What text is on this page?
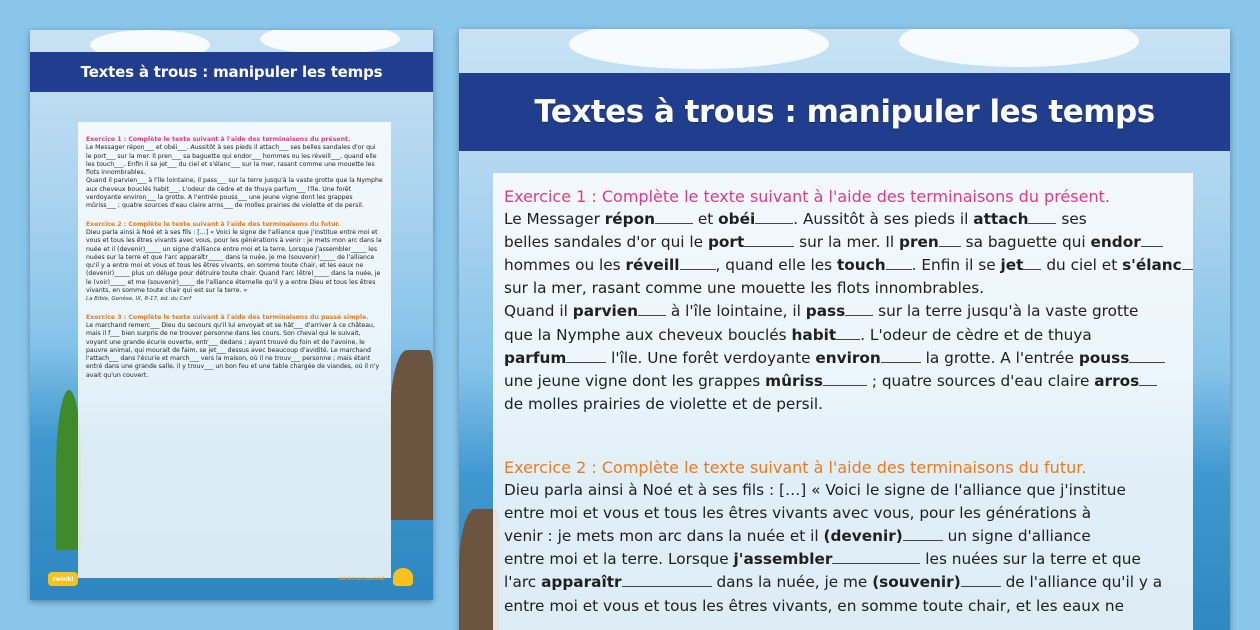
Textes à trous : manipuler les temps

Exercice 1 : Complète le texte suivant à l'aide des terminaisons du présent.
Le Messager répon___ et obéi___. Aussitôt à ses pieds il attach___ ses belles sandales d'or qui le port___ sur la mer. Il pren___ sa baguette qui endor___ hommes ou les réveill___, quand elle les touch___. Enfin il se jet___ du ciel et s'élanc___ sur la mer, rasant comme une mouette les flots innombrables.
Quand il parvien___ à l'île lointaine, il pass___ sur la terre jusqu'à la vaste grotte que la Nymphe aux cheveux bouclés habit___. L'odeur de cèdre et de thuya parfum___ l'île. Une forêt verdoyante environ___ la grotte. A l'entrée pouss___ une jeune vigne dont les grappes mûriss___ ; quatre sources d'eau claire arros___ de molles prairies de violette et de persil.

Exercice 2 : Complète le texte suivant à l'aide des terminaisons du futur.
Dieu parla ainsi à Noé et à ses fils : […] « Voici le signe de l'alliance que j'institue entre moi et vous et tous les êtres vivants avec vous, pour les générations à venir : je mets mon arc dans la nuée et il (devenir)_____ un signe d'alliance entre moi et la terre. Lorsque j'assembler_____ les nuées sur la terre et que l'arc apparaîtr_____ dans la nuée, je me (souvenir)_____ de l'alliance qu'il y a entre moi et vous et tous les êtres vivants, en somme toute chair, et les eaux ne (devenir)_____ plus un déluge pour détruire toute chair. Quand l'arc (être)_____ dans la nuée, je le (voir)_____ et me (souvenir)_____ de l'alliance éternelle qu'il y a entre Dieu et tous les êtres vivants, en somme toute chair qui est sur la terre. »
La Bible, Genèse, IX, 8-17, éd. du Cerf

Exercice 3 : Complète le texte suivant à l'aide des terminaisons du passé simple.
Le marchand remerc___ Dieu du secours qu'il lui envoyait et se hât___ d'arriver à ce château, mais il f___ bien surpris de ne trouver personne dans les cours. Son cheval qui le suivait, voyant une grande écurie ouverte, entr___ dedans ; ayant trouvé du foin et de l'avoine, le pauvre animal, qui mourait de faim, se jet___ dessus avec beaucoup d'avidité. Le marchand l'attach___ dans l'écurie et march___ vers la maison, où il ne trouv___ personne ; mais étant entré dans une grande salle, il y trouv___ un bon feu et une table chargée de viandes, où il n'y avait qu'un couvert.

twinkl	twinkl.com.au/visit
Textes à trous : manipuler les temps
Exercice 1 : Complète le texte suivant à l'aide des terminaisons du présent.
Le Messager répon et obéi . Aussitôt à ses pieds il attach ses
belles sandales d'or qui le port	sur la mer. Il pren sa baguette qui endor
hommes ou les réveill , quand elle les touch . Enfin il se jet du ciel et s'élanc
sur la mer, rasant comme une mouette les flots innombrables.
Quand il parvien à l'île lointaine, il pass sur la terre jusqu'à la vaste grotte
que la Nymphe aux cheveux bouclés habit . L'odeur de cèdre et de thuya
parfum	l'île. Une forêt verdoyante environ	la grotte. A l'entrée pouss
une jeune vigne dont les grappes mûriss	; quatre sources d'eau claire arros
de molles prairies de violette et de persil.
Exercice 2 : Complète le texte suivant à l'aide des terminaisons du futur.
Dieu parla ainsi à Noé et à ses fils : […] « Voici le signe de l'alliance que j'institue
entre moi et vous et tous les êtres vivants avec vous, pour les générations à
venir : je mets mon arc dans la nuée et il (devenir)	un signe d'alliance
entre moi et la terre. Lorsque j'assembler	les nuées sur la terre et que
l'arc apparaîtr	dans la nuée, je me (souvenir)	de l'alliance qu'il y a
entre moi et vous et tous les êtres vivants, en somme toute chair, et les eaux ne
